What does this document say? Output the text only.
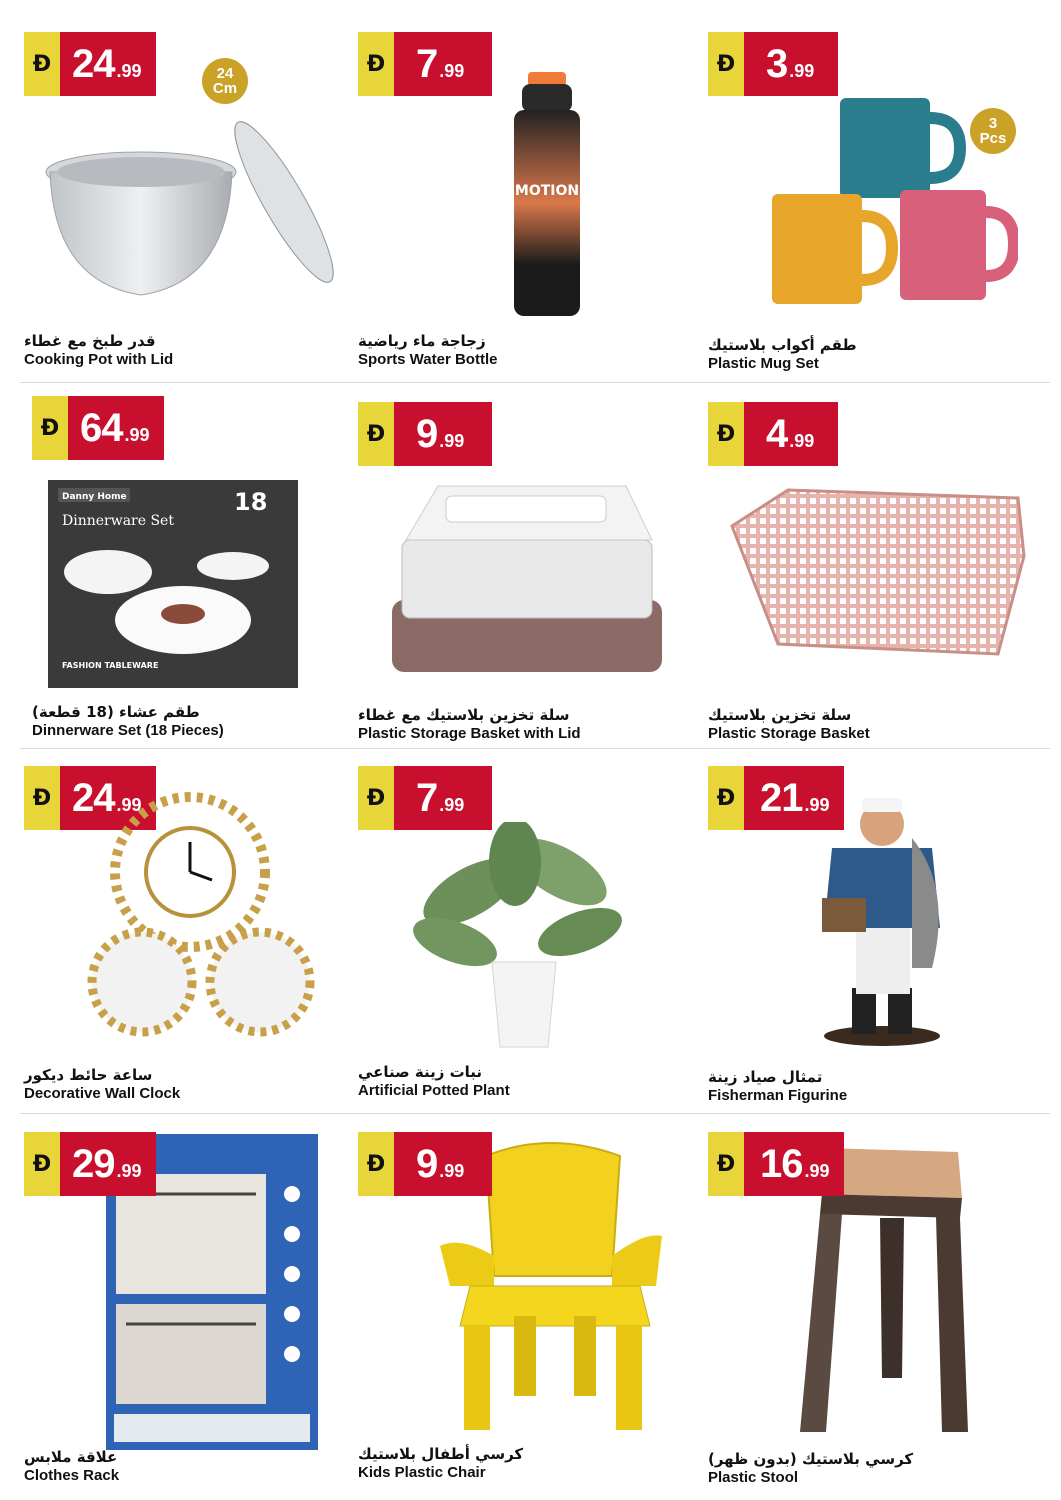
Đ 24 .99	24
Cm
قدر طبخ مع غطاء
Cooking Pot with Lid
Đ 7 .99
MOTION
زجاجة ماء رياضية
Sports Water Bottle
Đ 3 .99
3
Pcs
طقم أكواب بلاستيك
Plastic Mug Set
Đ 64 .99
Danny Home
Dinnerware Set
18
FASHION TABLEWARE
طقم عشاء (18 قطعة)
Dinnerware Set (18 Pieces)
Đ 9 .99
سلة تخزين بلاستيك مع غطاء
Plastic Storage Basket with Lid
Đ 4 .99
سلة تخزين بلاستيك
Plastic Storage Basket
Đ 24 .99
ساعة حائط ديكور
Decorative Wall Clock
Đ 7 .99
نبات زينة صناعي
Artificial Potted Plant
Đ 21 .99
تمثال صياد زينة
Fisherman Figurine
Đ 29 .99
علاقة ملابس
Clothes Rack
Đ 9 .99
كرسي أطفال بلاستيك
Kids Plastic Chair
Đ 16 .99
كرسي بلاستيك (بدون ظهر)
Plastic Stool
